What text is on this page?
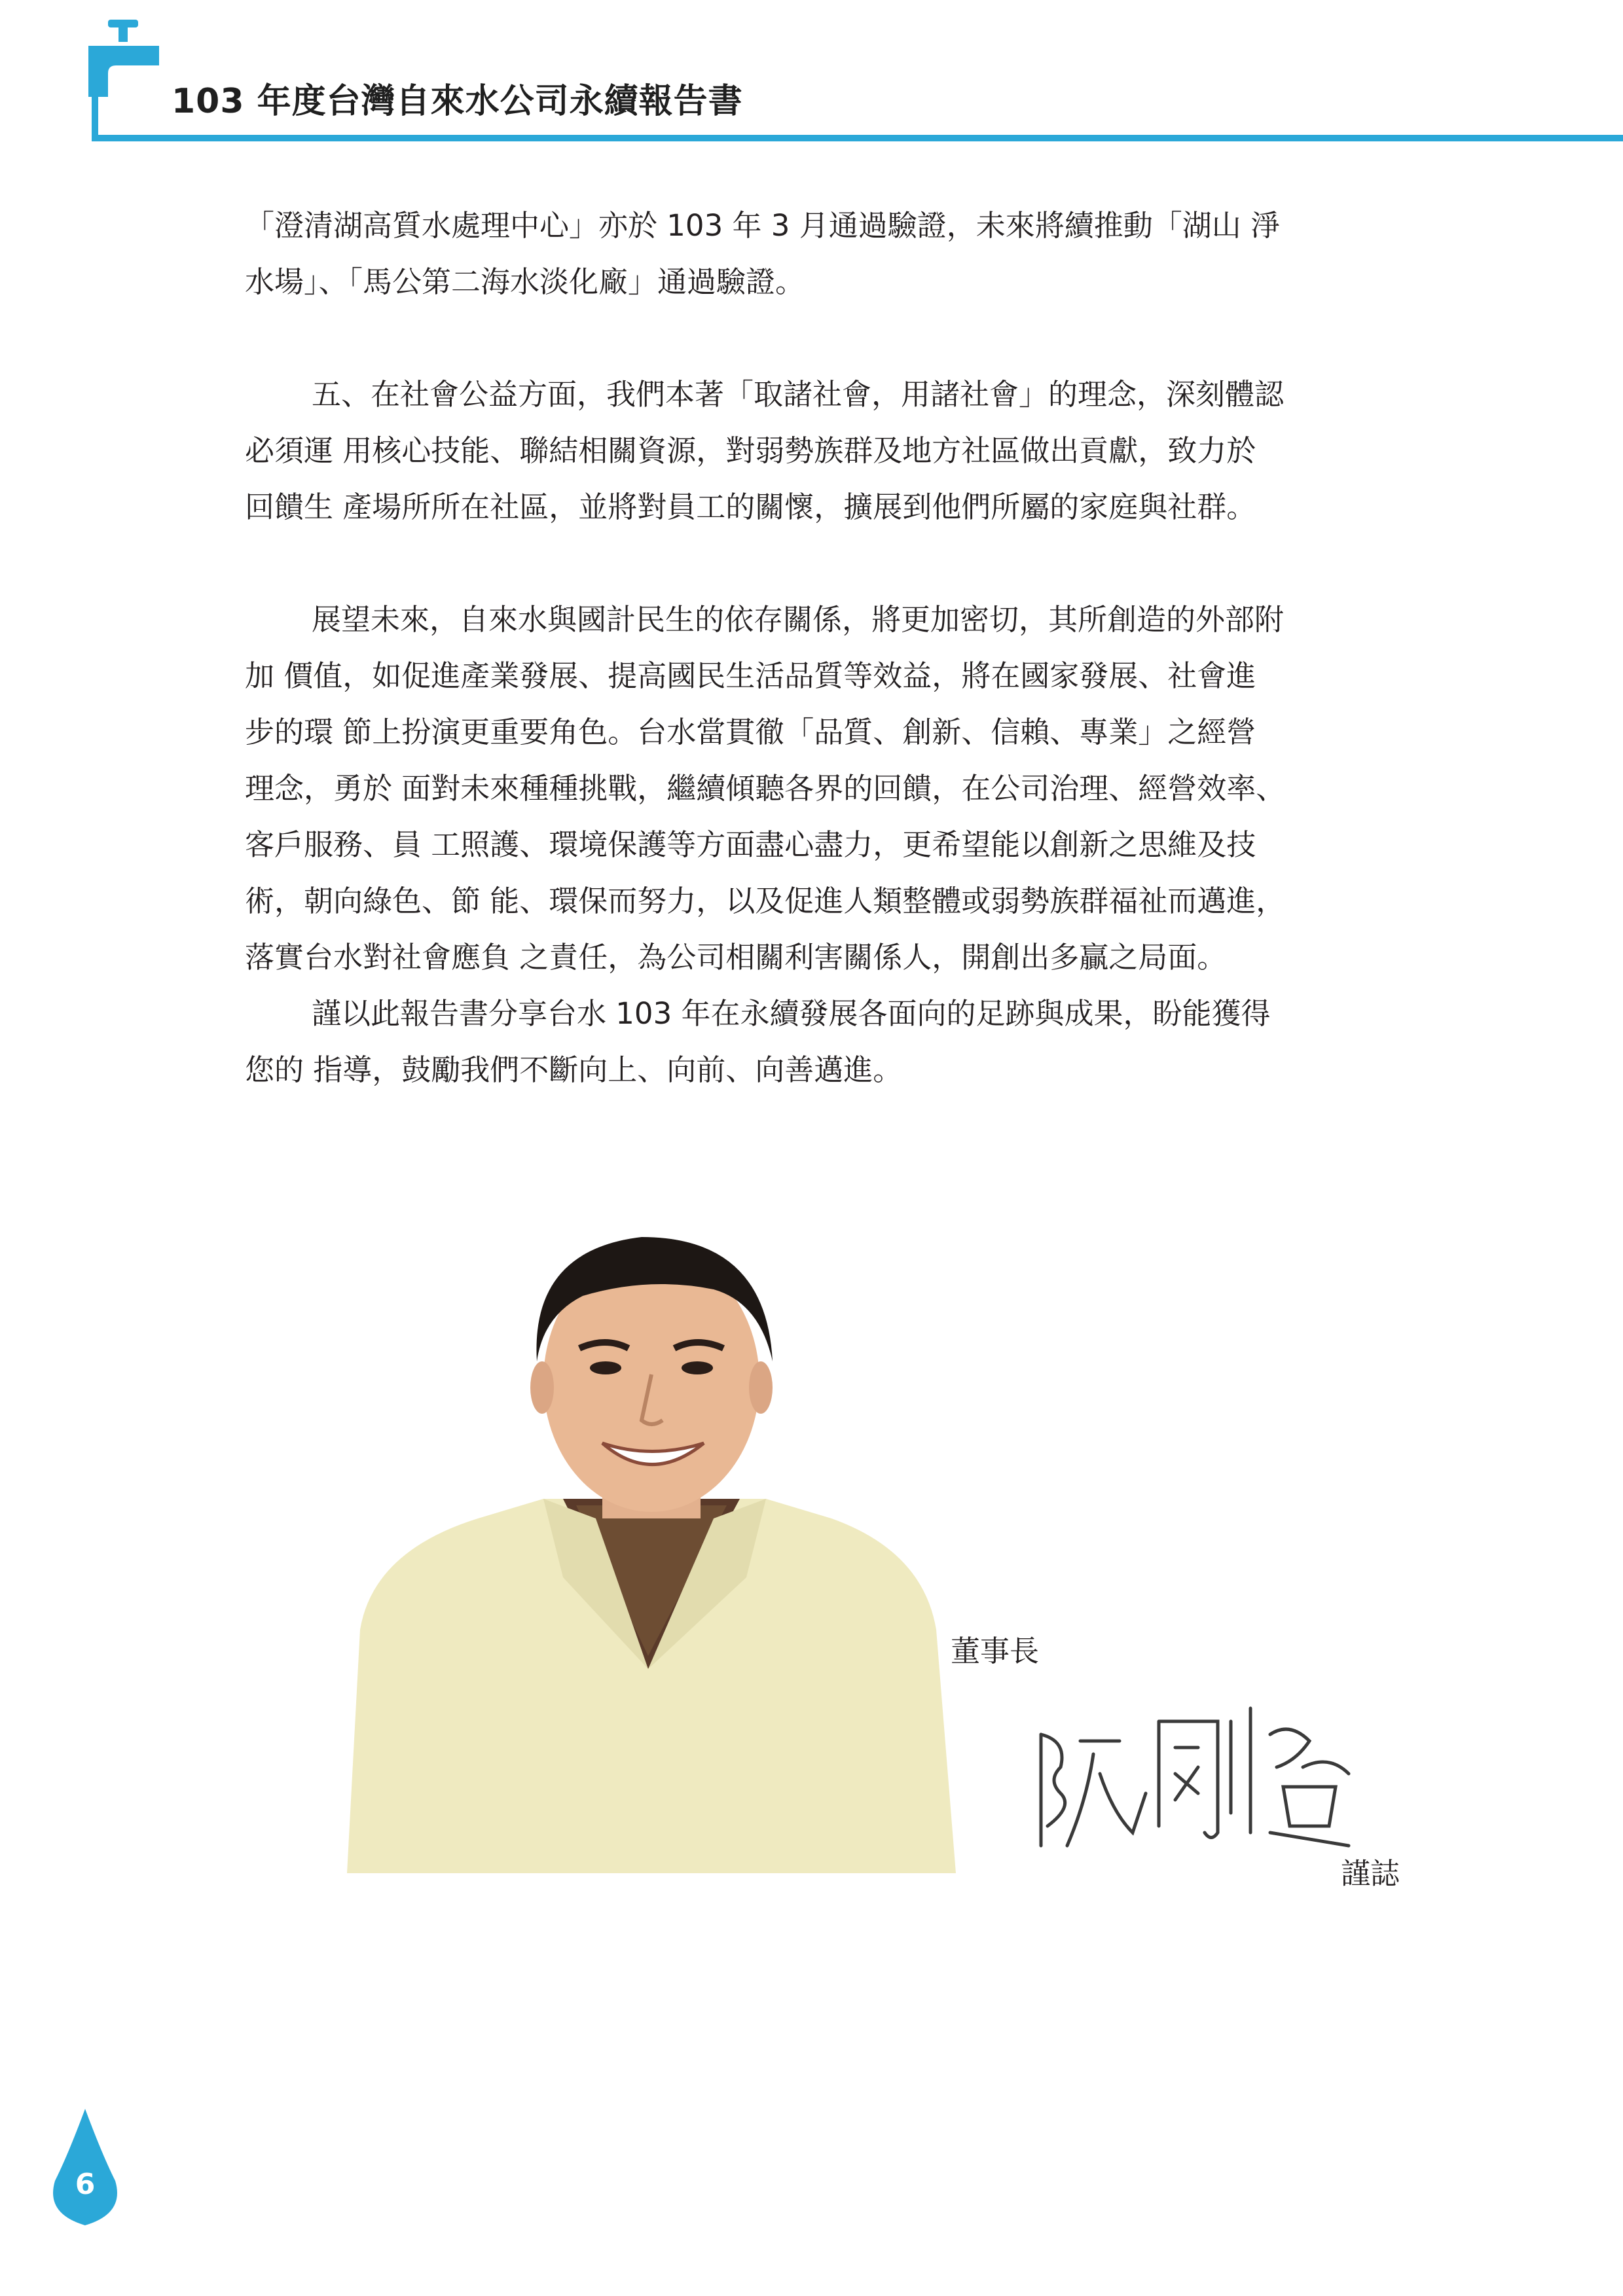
103 年度台灣自來水公司永續報告書

「澄清湖高質水處理中心」亦於 103 年 3 月通過驗證，未來將續推動「湖山 淨

水場」、「馬公第二海水淡化廠」通過驗證。

五、在社會公益方面，我們本著「取諸社會，用諸社會」的理念，深刻體認

必須運 用核心技能、聯結相關資源，對弱勢族群及地方社區做出貢獻，致力於

回饋生 產場所所在社區，並將對員工的關懷，擴展到他們所屬的家庭與社群。

展望未來，自來水與國計民生的依存關係，將更加密切，其所創造的外部附

加 價值，如促進產業發展、提高國民生活品質等效益，將在國家發展、社會進

步的環 節上扮演更重要角色。台水當貫徹「品質、創新、信賴、專業」之經營

理念，勇於 面對未來種種挑戰，繼續傾聽各界的回饋，在公司治理、經營效率、

客戶服務、員 工照護、環境保護等方面盡心盡力，更希望能以創新之思維及技

術，朝向綠色、節 能、環保而努力，以及促進人類整體或弱勢族群福祉而邁進，

落實台水對社會應負 之責任，為公司相關利害關係人，開創出多贏之局面。

謹以此報告書分享台水 103 年在永續發展各面向的足跡與成果，盼能獲得

您的 指導，鼓勵我們不斷向上、向前、向善邁進。

董事長
謹誌
6
